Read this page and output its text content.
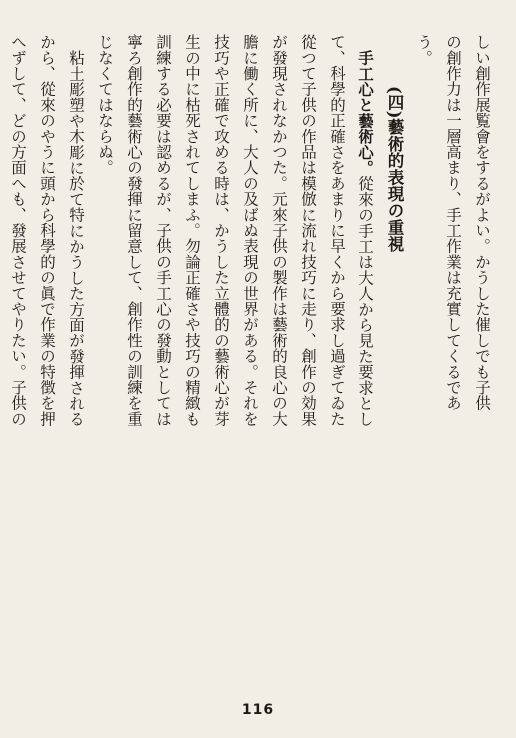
しい創作展覧會をするがよい。かうした催しでも子供
の創作力は一層高まり、手工作業は充實してくるであ
う。
(四)藝術的表現の重視
手工心と藝術心。從來の手工は大人から見た要求とし
て、科學的正確さをあまりに早くから要求し過ぎてゐた
從つて子供の作品は模倣に流れ技巧に走り、創作の効果
が發現されなかつた。元來子供の製作は藝術的良心の大
膽に働く所に、大人の及ばぬ表現の世界がある。それを
技巧や正確で攻める時は、かうした立體的の藝術心が芽
生の中に枯死されてしまふ。勿論正確さや技巧の精緻も
訓練する必要は認めるが、子供の手工心の發動としては
寧ろ創作的藝術心の發揮に留意して、創作性の訓練を重
じなくてはならぬ。
粘土彫塑や木彫に於て特にかうした方面が發揮される
から、從來のやうに頭から科學的の眞で作業の特徴を押
へずして、どの方面へも、發展させてやりたい。子供の
116
